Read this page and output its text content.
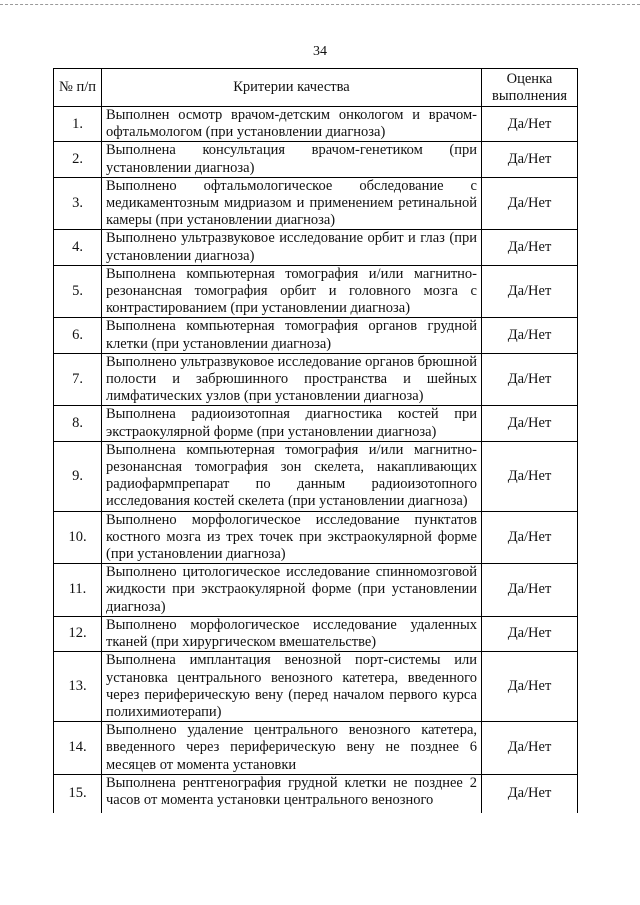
34
№ п/п	Критерии качества	Оценка выполнения
1.	Выполнен осмотр врачом-детским онкологом и врачом-офтальмологом (при установлении диагноза)	Да/Нет
2.	Выполнена консультация врачом-генетиком (при установлении диагноза)	Да/Нет
3.	Выполнено офтальмологическое обследование с медикаментозным мидриазом и применением ретинальной камеры (при установлении диагноза)	Да/Нет
4.	Выполнено ультразвуковое исследование орбит и глаз (при установлении диагноза)	Да/Нет
5.	Выполнена компьютерная томография и/или магнитно-резонансная томография орбит и головного мозга с контрастированием (при установлении диагноза)	Да/Нет
6.	Выполнена компьютерная томография органов грудной клетки (при установлении диагноза)	Да/Нет
7.	Выполнено ультразвуковое исследование органов брюшной полости и забрюшинного пространства и шейных лимфатических узлов (при установлении диагноза)	Да/Нет
8.	Выполнена радиоизотопная диагностика костей при экстраокулярной форме (при установлении диагноза)	Да/Нет
9.	Выполнена компьютерная томография и/или магнитно-резонансная томография зон скелета, накапливающих радиофармпрепарат по данным радиоизотопного исследования костей скелета (при установлении диагноза)	Да/Нет
10.	Выполнено морфологическое исследование пунктатов костного мозга из трех точек при экстраокулярной форме (при установлении диагноза)	Да/Нет
11.	Выполнено цитологическое исследование спинномозговой жидкости при экстраокулярной форме (при установлении диагноза)	Да/Нет
12.	Выполнено морфологическое исследование удаленных тканей (при хирургическом вмешательстве)	Да/Нет
13.	Выполнена имплантация венозной порт-системы или установка центрального венозного катетера, введенного через периферическую вену (перед началом первого курса полихимиотерапи)	Да/Нет
14.	Выполнено удаление центрального венозного катетера, введенного через периферическую вену не позднее 6 месяцев от момента установки	Да/Нет
15.	Выполнена рентгенография грудной клетки не позднее 2 часов от момента установки центрального венозного	Да/Нет
